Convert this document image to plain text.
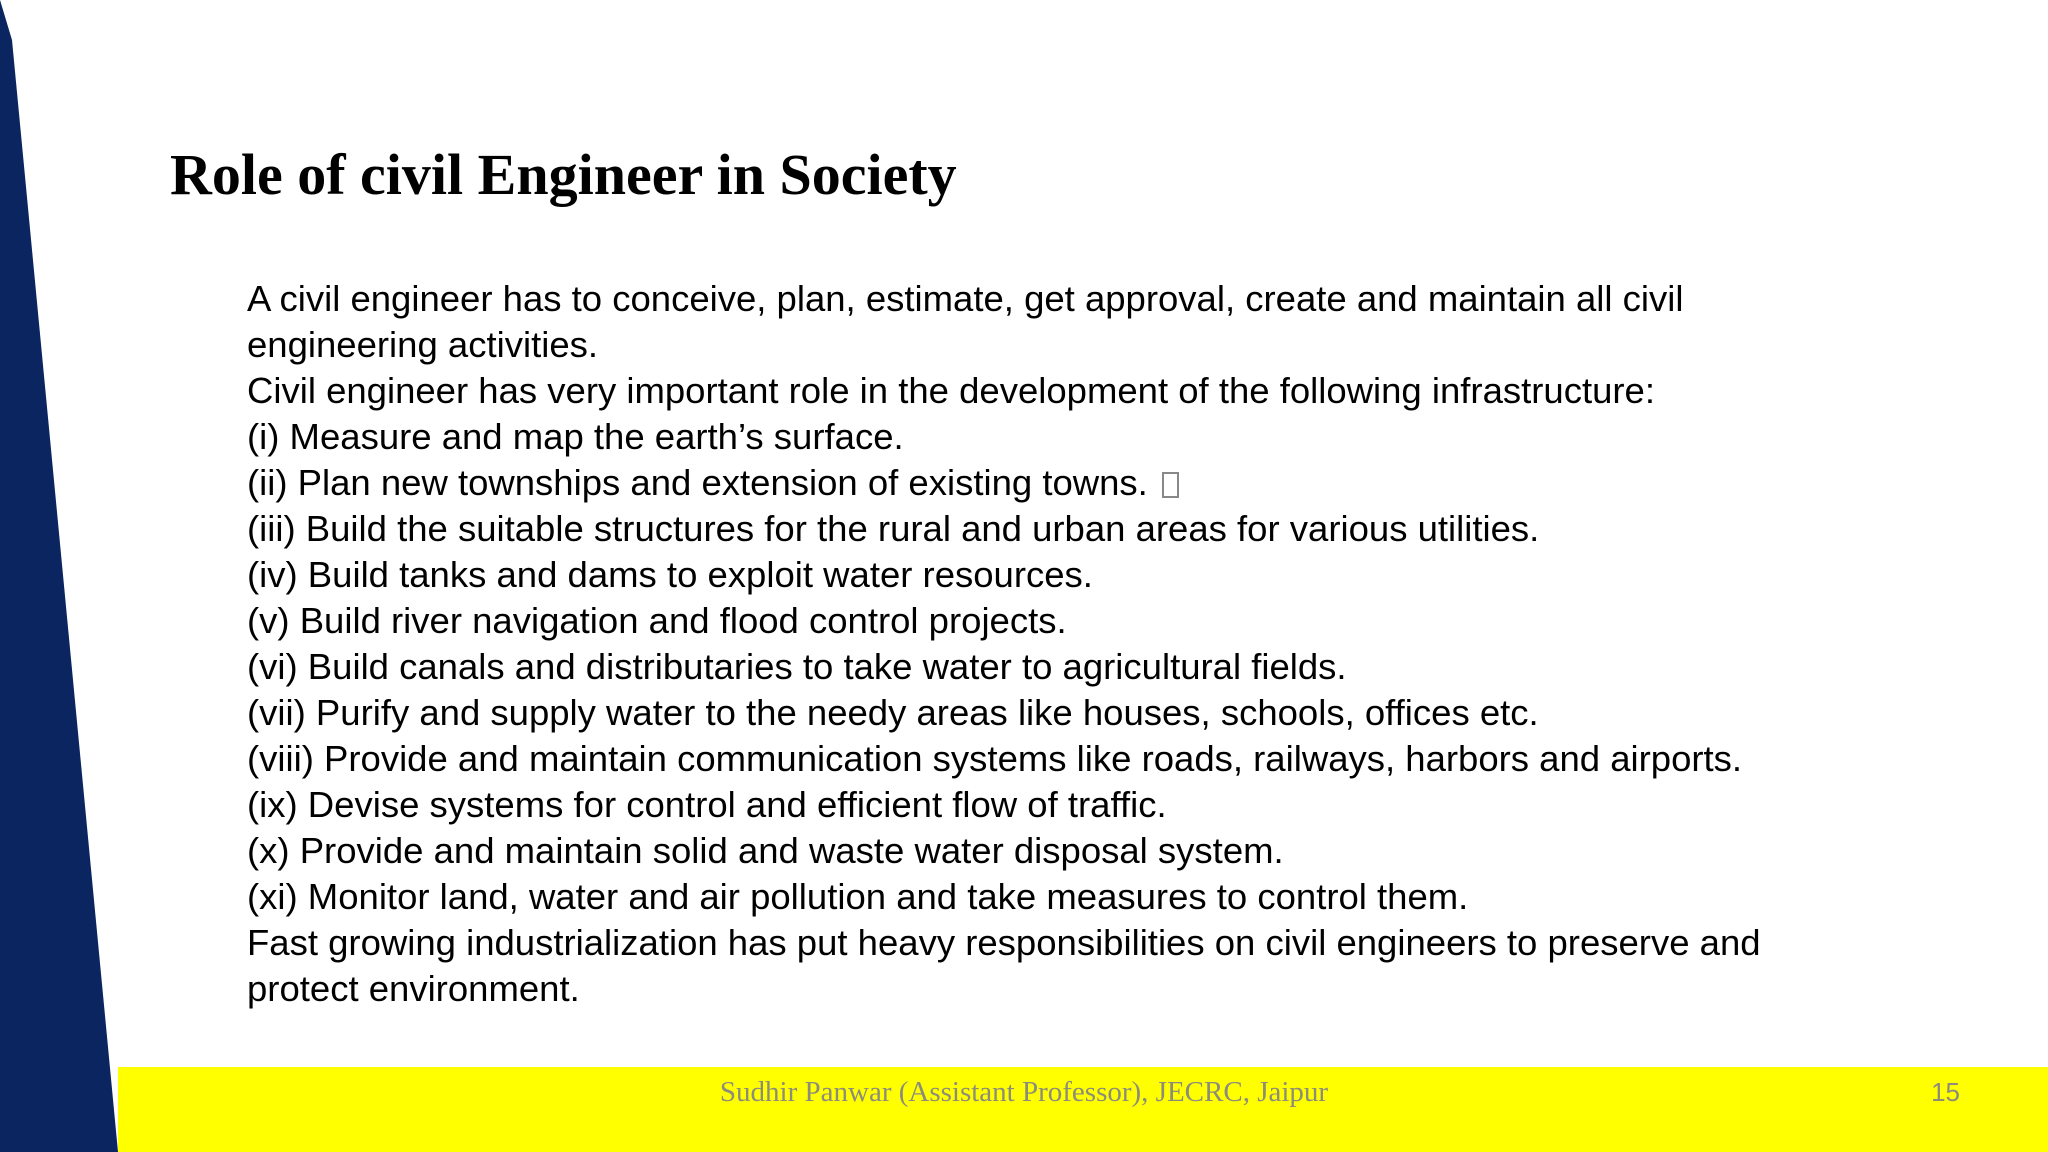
Role of civil Engineer in Society

A civil engineer has to conceive, plan, estimate, get approval, create and maintain all civil

engineering activities.

Civil engineer has very important role in the development of the following infrastructure:

(i) Measure and map the earth’s surface.

(ii) Plan new townships and extension of existing towns.

(iii) Build the suitable structures for the rural and urban areas for various utilities.

(iv) Build tanks and dams to exploit water resources.

(v) Build river navigation and flood control projects.

(vi) Build canals and distributaries to take water to agricultural fields.

(vii) Purify and supply water to the needy areas like houses, schools, offices etc.

(viii) Provide and maintain communication systems like roads, railways, harbors and airports.

(ix) Devise systems for control and efficient flow of traffic.

(x) Provide and maintain solid and waste water disposal system.

(xi) Monitor land, water and air pollution and take measures to control them.

Fast growing industrialization has put heavy responsibilities on civil engineers to preserve and

protect environment.

Sudhir Panwar (Assistant Professor), JECRC, Jaipur	15
